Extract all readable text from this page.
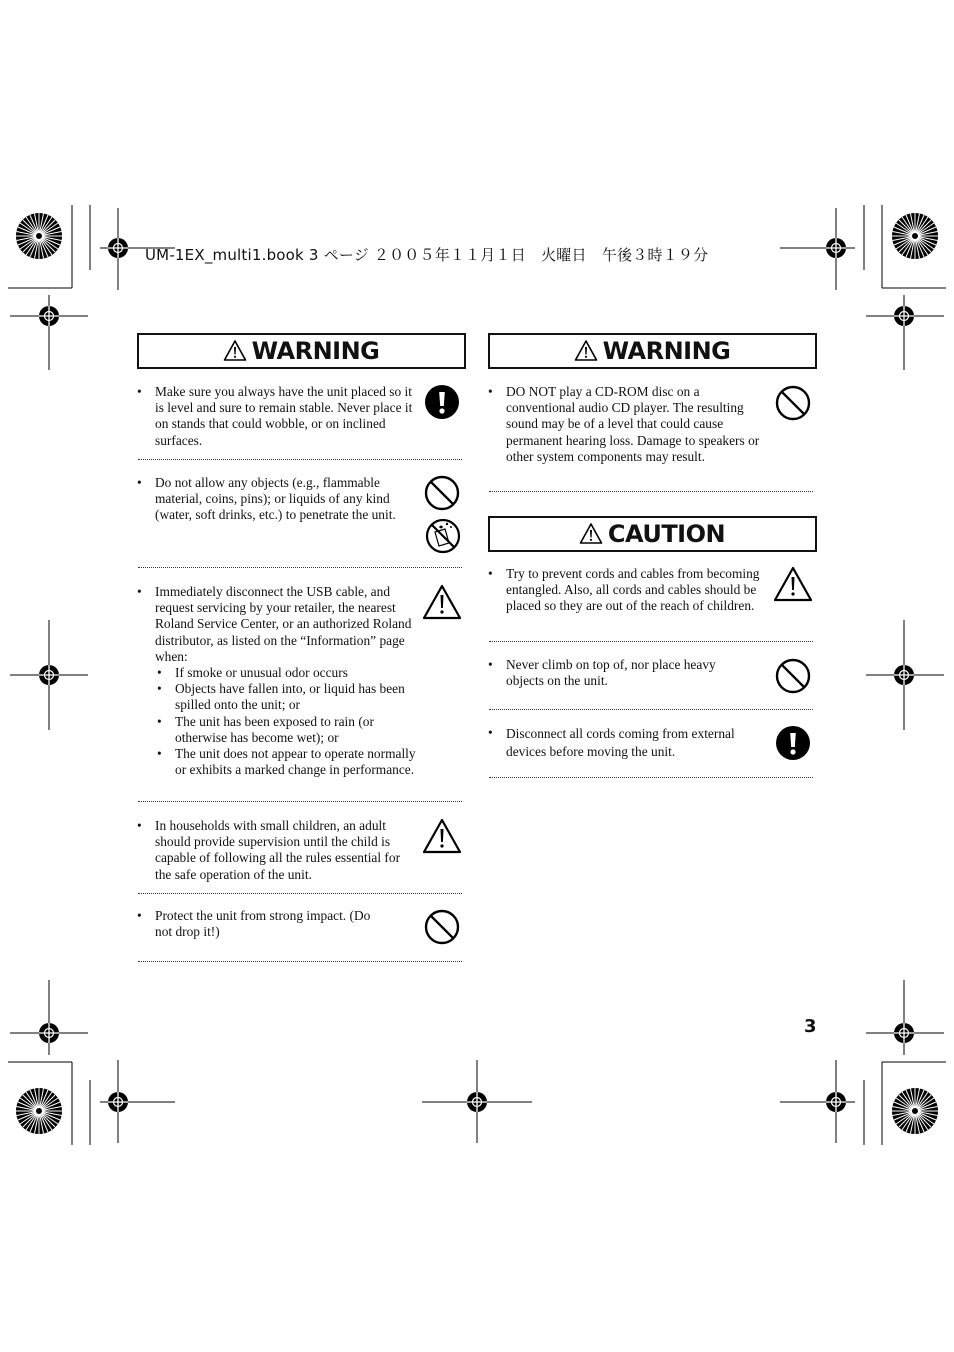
UM-1EX_multi1.book 3 ページ ２００５年１１月１日　火曜日　午後３時１９分
WARNING
• Make sure you always have the unit placed so it is level and sure to remain stable. Never place it on stands that could wobble, or on inclined surfaces.
• Do not allow any objects (e.g., flammable material, coins, pins); or liquids of any kind (water, soft drinks, etc.) to penetrate the unit.
• Immediately disconnect the USB cable, and request servicing by your retailer, the nearest Roland Service Center, or an authorized Roland distributor, as listed on the “Information” page when:
• If smoke or unusual odor occurs
• Objects have fallen into, or liquid has been spilled onto the unit; or
• The unit has been exposed to rain (or otherwise has become wet); or
• The unit does not appear to operate normally or exhibits a marked change in performance.
• In households with small children, an adult should provide supervision until the child is capable of following all the rules essential for the safe operation of the unit.
• Protect the unit from strong impact. (Do not drop it!)
WARNING
• DO NOT play a CD-ROM disc on a conventional audio CD player. The resulting sound may be of a level that could cause permanent hearing loss. Damage to speakers or other system components may result.
CAUTION
• Try to prevent cords and cables from becoming entangled. Also, all cords and cables should be placed so they are out of the reach of children.
• Never climb on top of, nor place heavy objects on the unit.
• Disconnect all cords coming from external devices before moving the unit.
3
